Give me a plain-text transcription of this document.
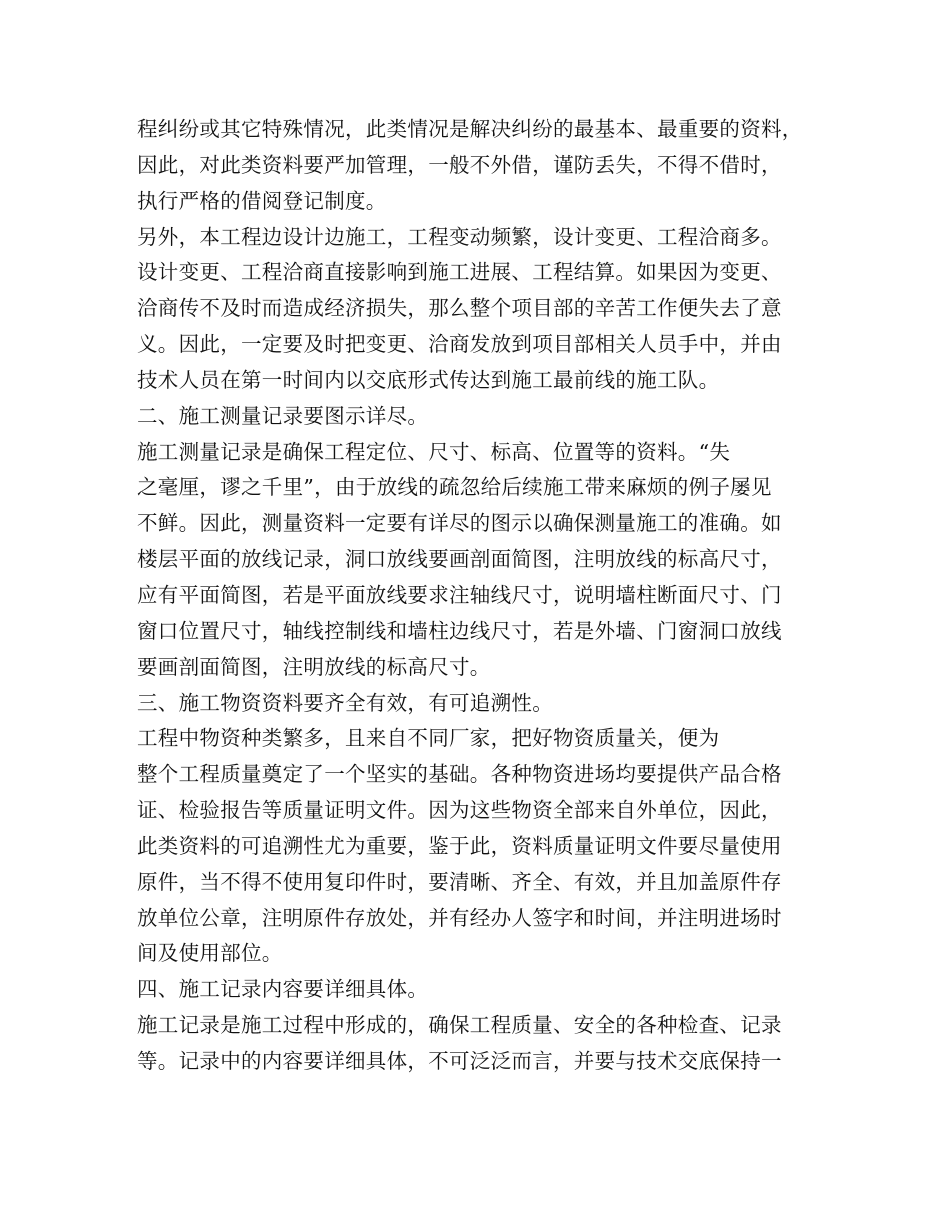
程纠纷或其它特殊情况，此类情况是解决纠纷的最基本、最重要的资料，
因此，对此类资料要严加管理，一般不外借，谨防丢失，不得不借时，
执行严格的借阅登记制度。
另外，本工程边设计边施工，工程变动频繁，设计变更、工程洽商多。
设计变更、工程洽商直接影响到施工进展、工程结算。如果因为变更、
洽商传不及时而造成经济损失，那么整个项目部的辛苦工作便失去了意
义。因此，一定要及时把变更、洽商发放到项目部相关人员手中，并由
技术人员在第一时间内以交底形式传达到施工最前线的施工队。
二、施工测量记录要图示详尽。
施工测量记录是确保工程定位、尺寸、标高、位置等的资料。“失
之毫厘，谬之千里”，由于放线的疏忽给后续施工带来麻烦的例子屡见
不鲜。因此，测量资料一定要有详尽的图示以确保测量施工的准确。如
楼层平面的放线记录，洞口放线要画剖面简图，注明放线的标高尺寸，
应有平面简图，若是平面放线要求注轴线尺寸，说明墙柱断面尺寸、门
窗口位置尺寸，轴线控制线和墙柱边线尺寸，若是外墙、门窗洞口放线
要画剖面简图，注明放线的标高尺寸。
三、施工物资资料要齐全有效，有可追溯性。
工程中物资种类繁多，且来自不同厂家，把好物资质量关，便为
整个工程质量奠定了一个坚实的基础。各种物资进场均要提供产品合格
证、检验报告等质量证明文件。因为这些物资全部来自外单位，因此，
此类资料的可追溯性尤为重要，鉴于此，资料质量证明文件要尽量使用
原件，当不得不使用复印件时，要清晰、齐全、有效，并且加盖原件存
放单位公章，注明原件存放处，并有经办人签字和时间，并注明进场时
间及使用部位。
四、施工记录内容要详细具体。
施工记录是施工过程中形成的，确保工程质量、安全的各种检查、记录
等。记录中的内容要详细具体，不可泛泛而言，并要与技术交底保持一
